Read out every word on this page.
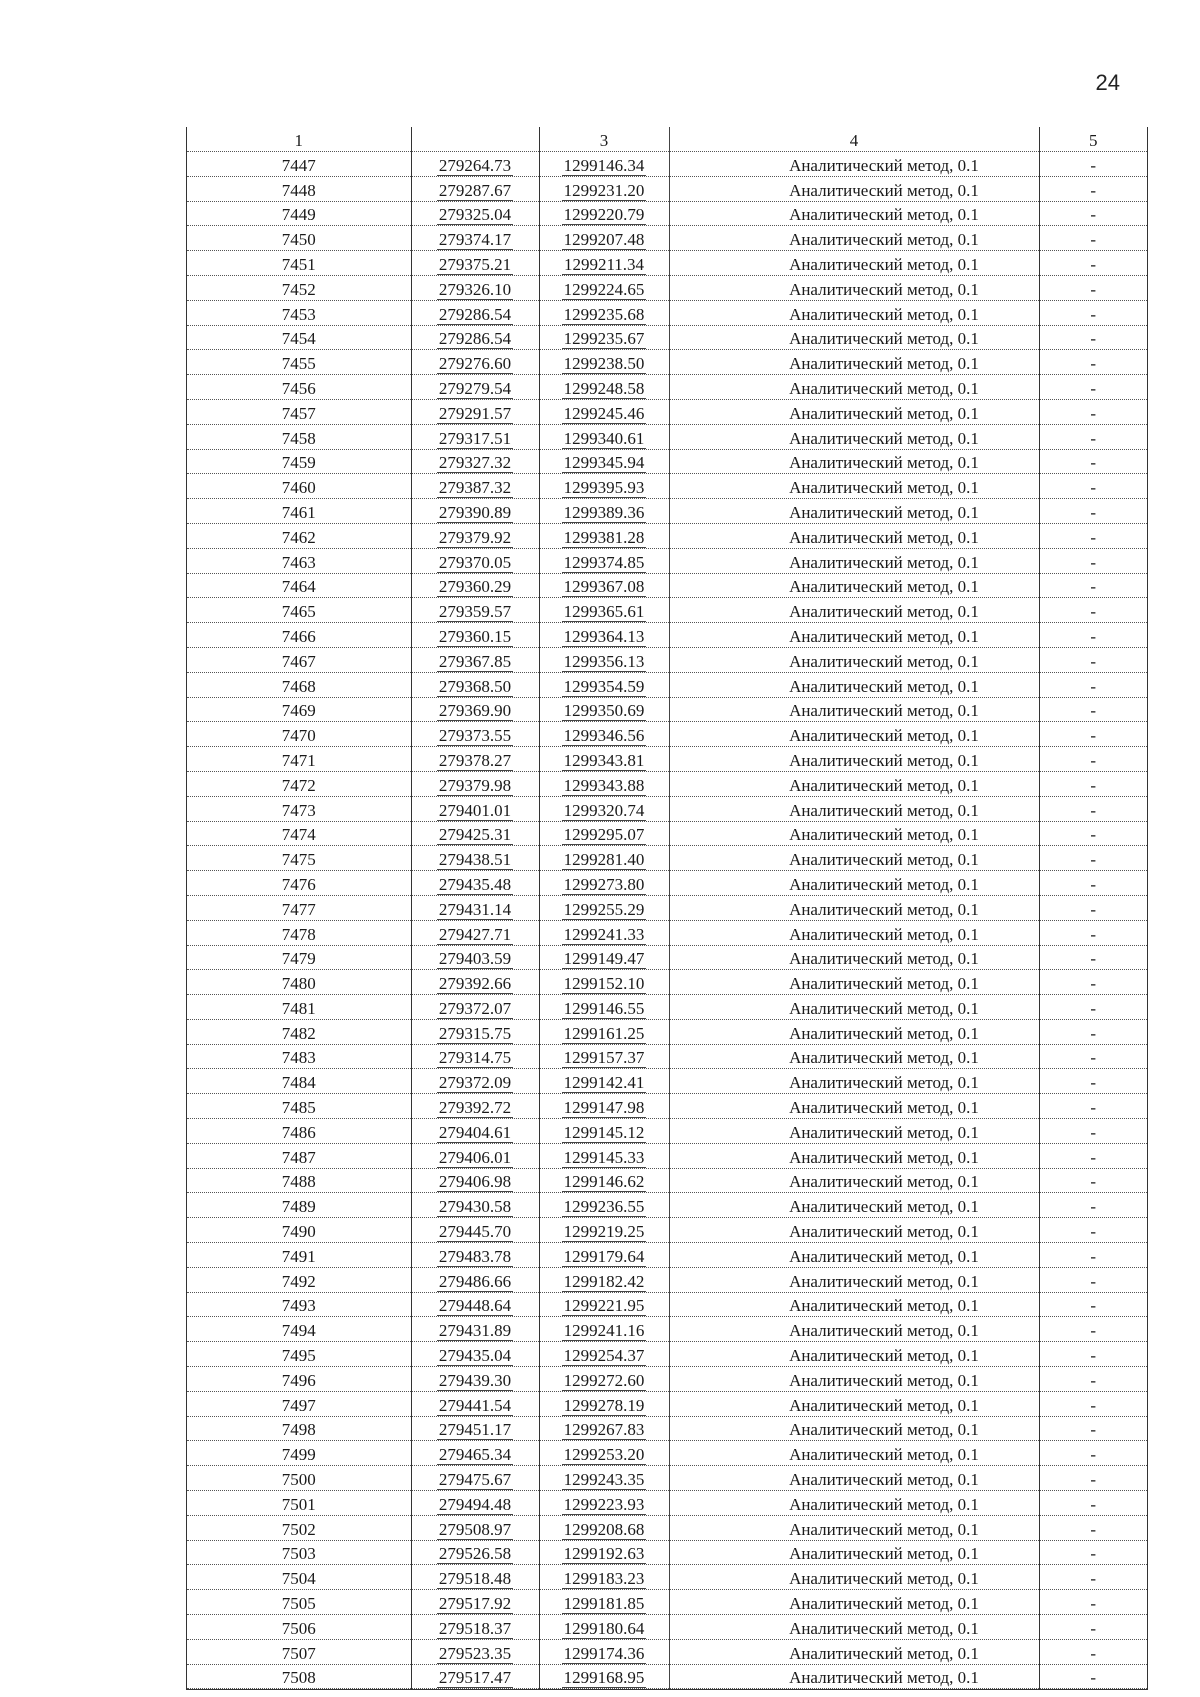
24
1		3	4	5
7447	279264.73	1299146.34	Аналитический метод, 0.1	-
7448	279287.67	1299231.20	Аналитический метод, 0.1	-
7449	279325.04	1299220.79	Аналитический метод, 0.1	-
7450	279374.17	1299207.48	Аналитический метод, 0.1	-
7451	279375.21	1299211.34	Аналитический метод, 0.1	-
7452	279326.10	1299224.65	Аналитический метод, 0.1	-
7453	279286.54	1299235.68	Аналитический метод, 0.1	-
7454	279286.54	1299235.67	Аналитический метод, 0.1	-
7455	279276.60	1299238.50	Аналитический метод, 0.1	-
7456	279279.54	1299248.58	Аналитический метод, 0.1	-
7457	279291.57	1299245.46	Аналитический метод, 0.1	-
7458	279317.51	1299340.61	Аналитический метод, 0.1	-
7459	279327.32	1299345.94	Аналитический метод, 0.1	-
7460	279387.32	1299395.93	Аналитический метод, 0.1	-
7461	279390.89	1299389.36	Аналитический метод, 0.1	-
7462	279379.92	1299381.28	Аналитический метод, 0.1	-
7463	279370.05	1299374.85	Аналитический метод, 0.1	-
7464	279360.29	1299367.08	Аналитический метод, 0.1	-
7465	279359.57	1299365.61	Аналитический метод, 0.1	-
7466	279360.15	1299364.13	Аналитический метод, 0.1	-
7467	279367.85	1299356.13	Аналитический метод, 0.1	-
7468	279368.50	1299354.59	Аналитический метод, 0.1	-
7469	279369.90	1299350.69	Аналитический метод, 0.1	-
7470	279373.55	1299346.56	Аналитический метод, 0.1	-
7471	279378.27	1299343.81	Аналитический метод, 0.1	-
7472	279379.98	1299343.88	Аналитический метод, 0.1	-
7473	279401.01	1299320.74	Аналитический метод, 0.1	-
7474	279425.31	1299295.07	Аналитический метод, 0.1	-
7475	279438.51	1299281.40	Аналитический метод, 0.1	-
7476	279435.48	1299273.80	Аналитический метод, 0.1	-
7477	279431.14	1299255.29	Аналитический метод, 0.1	-
7478	279427.71	1299241.33	Аналитический метод, 0.1	-
7479	279403.59	1299149.47	Аналитический метод, 0.1	-
7480	279392.66	1299152.10	Аналитический метод, 0.1	-
7481	279372.07	1299146.55	Аналитический метод, 0.1	-
7482	279315.75	1299161.25	Аналитический метод, 0.1	-
7483	279314.75	1299157.37	Аналитический метод, 0.1	-
7484	279372.09	1299142.41	Аналитический метод, 0.1	-
7485	279392.72	1299147.98	Аналитический метод, 0.1	-
7486	279404.61	1299145.12	Аналитический метод, 0.1	-
7487	279406.01	1299145.33	Аналитический метод, 0.1	-
7488	279406.98	1299146.62	Аналитический метод, 0.1	-
7489	279430.58	1299236.55	Аналитический метод, 0.1	-
7490	279445.70	1299219.25	Аналитический метод, 0.1	-
7491	279483.78	1299179.64	Аналитический метод, 0.1	-
7492	279486.66	1299182.42	Аналитический метод, 0.1	-
7493	279448.64	1299221.95	Аналитический метод, 0.1	-
7494	279431.89	1299241.16	Аналитический метод, 0.1	-
7495	279435.04	1299254.37	Аналитический метод, 0.1	-
7496	279439.30	1299272.60	Аналитический метод, 0.1	-
7497	279441.54	1299278.19	Аналитический метод, 0.1	-
7498	279451.17	1299267.83	Аналитический метод, 0.1	-
7499	279465.34	1299253.20	Аналитический метод, 0.1	-
7500	279475.67	1299243.35	Аналитический метод, 0.1	-
7501	279494.48	1299223.93	Аналитический метод, 0.1	-
7502	279508.97	1299208.68	Аналитический метод, 0.1	-
7503	279526.58	1299192.63	Аналитический метод, 0.1	-
7504	279518.48	1299183.23	Аналитический метод, 0.1	-
7505	279517.92	1299181.85	Аналитический метод, 0.1	-
7506	279518.37	1299180.64	Аналитический метод, 0.1	-
7507	279523.35	1299174.36	Аналитический метод, 0.1	-
7508	279517.47	1299168.95	Аналитический метод, 0.1	-
